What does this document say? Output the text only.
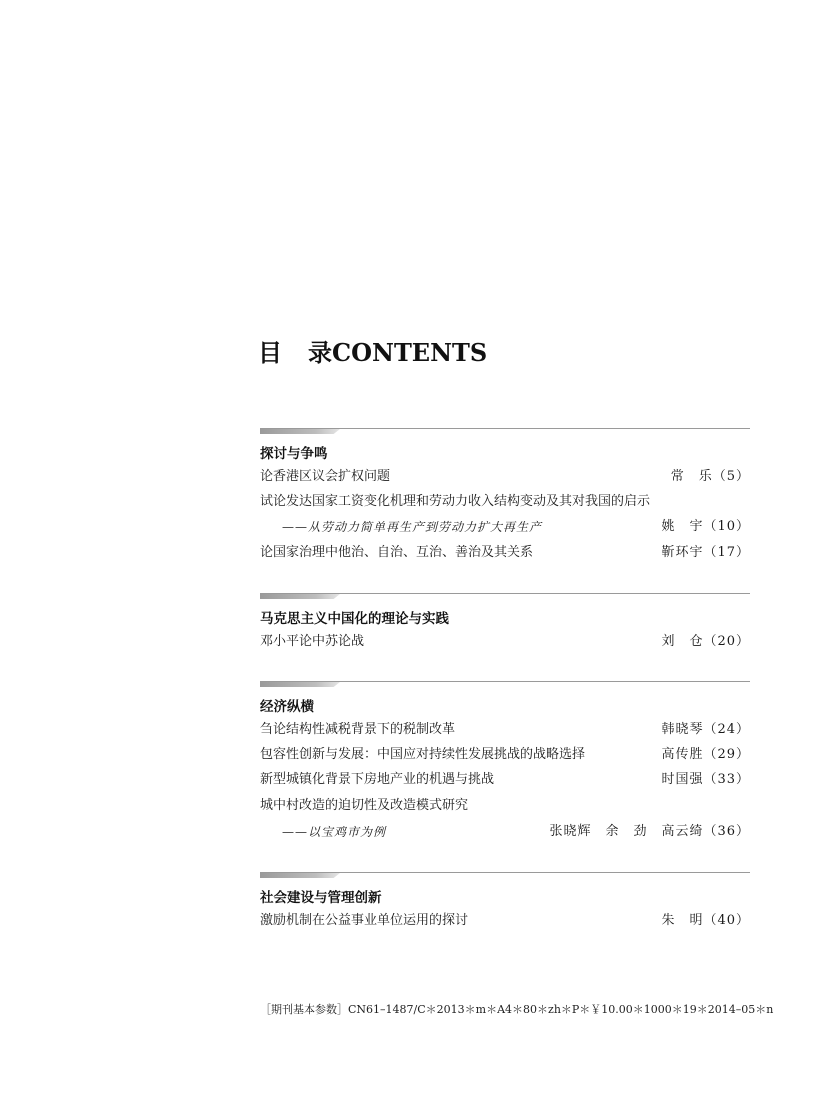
目 录CONTENTS
探讨与争鸣
论香港区议会扩权问题	常　乐（5）
试论发达国家工资变化机理和劳动力收入结构变动及其对我国的启示
——从劳动力简单再生产到劳动力扩大再生产	姚　宇（10）
论国家治理中他治、自治、互治、善治及其关系	靳环宇（17）
马克思主义中国化的理论与实践
邓小平论中苏论战	刘　仓（20）
经济纵横
刍论结构性减税背景下的税制改革	韩晓琴（24）
包容性创新与发展：中国应对持续性发展挑战的战略选择	高传胜（29）
新型城镇化背景下房地产业的机遇与挑战	时国强（33）
城中村改造的迫切性及改造模式研究
——以宝鸡市为例	张晓辉　余　劲　高云绮（36）
社会建设与管理创新
激励机制在公益事业单位运用的探讨	朱　明（40）
［期刊基本参数］CN61–1487/C＊2013＊m＊A4＊80＊zh＊P＊￥10.00＊1000＊19＊2014–05＊n
